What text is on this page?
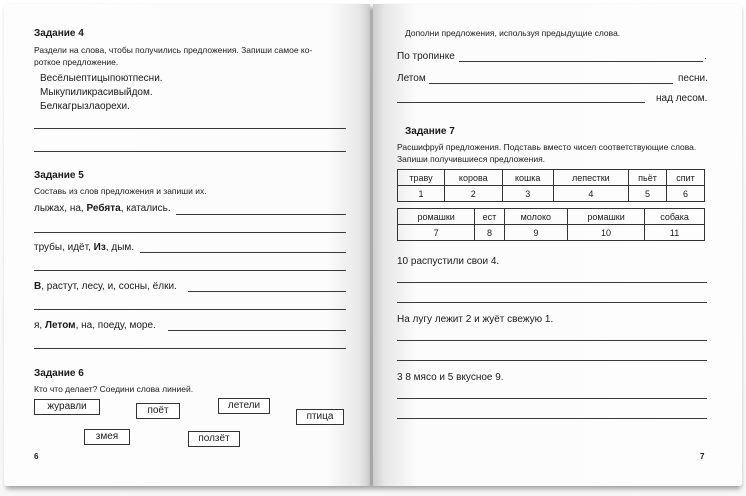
Задание 4
Раздели на слова, чтобы получились предложения. Запиши самое ко-
роткое предложение.
Весёлыептицыпоютпесни.
Мыкупиликрасивыйдом.
Белкагрызлаорехи.
Задание 5
Составь из слов предложения и запиши их.
лыжах, на, Ребята, катались.
трубы, идёт, Из, дым.
В, растут, лесу, и, сосны, ёлки.
я, Летом, на, поеду, море.
Задание 6
Кто что делает? Соедини слова линией.
журавли	поёт	летели
птица
змея	ползёт
6
Дополни предложения, используя предыдущие слова.
По тропинке	.
Летом	песни.
над лесом.
Задание 7
Расшифруй предложения. Подставь вместо чисел соответствующие слова.
Запиши получившиеся предложения.
траву	корова	кошка	лепестки	пьёт	спит
1	2	3	4	5	6
ромашки	ест	молоко	ромашки	собака
7	8	9	10	11
10 распустили свои 4.
На лугу лежит 2 и жуёт свежую 1.
3 8 мясо и 5 вкусное 9.
7
